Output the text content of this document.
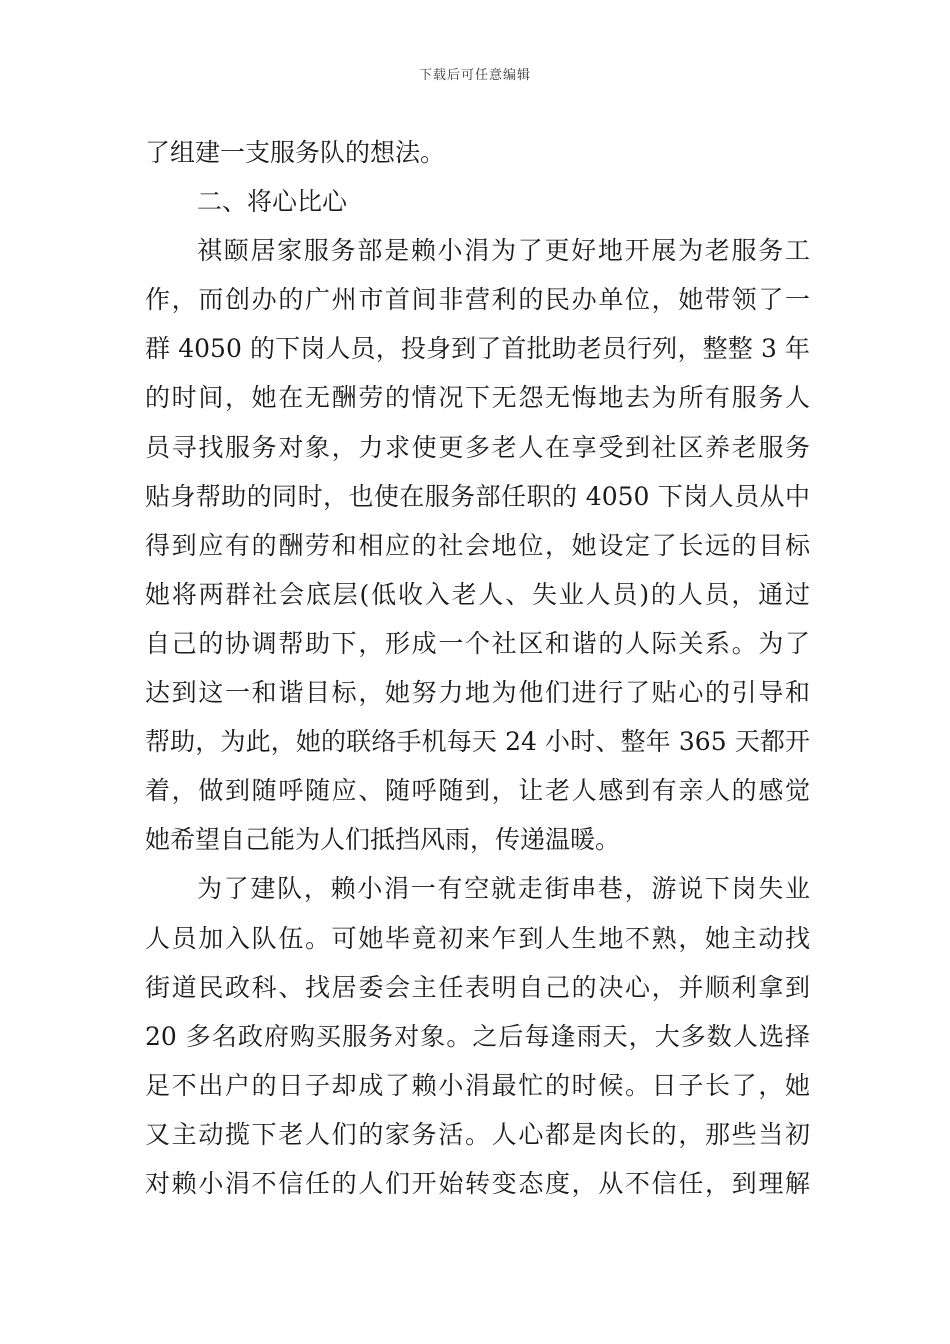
下载后可任意编辑
了组建一支服务队的想法。
二、将心比心
祺颐居家服务部是赖小涓为了更好地开展为老服务工
作，而创办的广州市首间非营利的民办单位，她带领了一
群 4050 的下岗人员，投身到了首批助老员行列，整整 3 年
的时间，她在无酬劳的情况下无怨无悔地去为所有服务人
员寻找服务对象，力求使更多老人在享受到社区养老服务
贴身帮助的同时，也使在服务部任职的 4050 下岗人员从中
得到应有的酬劳和相应的社会地位，她设定了长远的目标
她将两群社会底层(低收入老人、失业人员)的人员，通过
自己的协调帮助下，形成一个社区和谐的人际关系。为了
达到这一和谐目标，她努力地为他们进行了贴心的引导和
帮助，为此，她的联络手机每天 24 小时、整年 365 天都开
着，做到随呼随应、随呼随到，让老人感到有亲人的感觉
她希望自己能为人们抵挡风雨，传递温暖。
为了建队，赖小涓一有空就走街串巷，游说下岗失业
人员加入队伍。可她毕竟初来乍到人生地不熟，她主动找
街道民政科、找居委会主任表明自己的决心，并顺利拿到
20 多名政府购买服务对象。之后每逢雨天，大多数人选择
足不出户的日子却成了赖小涓最忙的时候。日子长了，她
又主动揽下老人们的家务活。人心都是肉长的，那些当初
对赖小涓不信任的人们开始转变态度，从不信任，到理解
